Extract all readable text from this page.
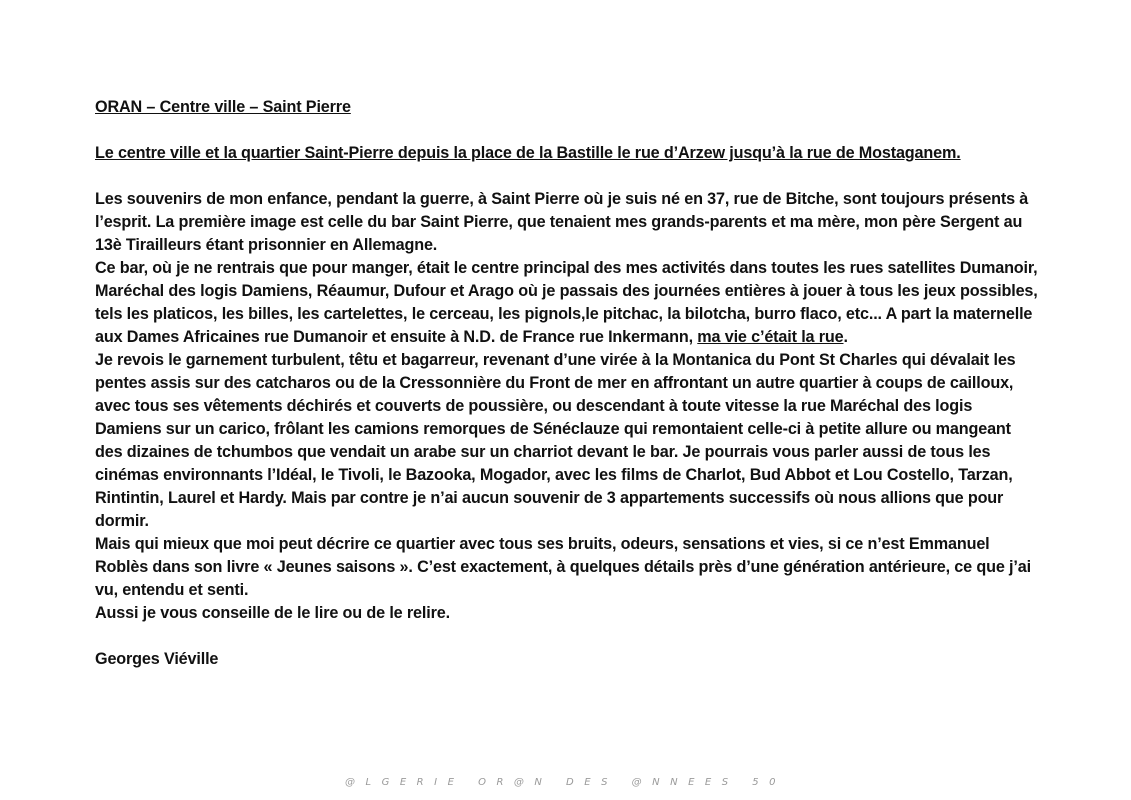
ORAN – Centre ville – Saint Pierre

Le centre ville et la quartier Saint-Pierre depuis la place de la Bastille le rue d’Arzew jusqu’à la rue de Mostaganem.

Les souvenirs de mon enfance, pendant la guerre, à Saint Pierre où je suis né en 37, rue de Bitche, sont toujours présents à l’esprit. La première image est celle du bar Saint Pierre, que tenaient mes grands-parents et ma mère, mon père Sergent au 13è Tirailleurs étant prisonnier en Allemagne.

Ce bar, où je ne rentrais que pour manger, était le centre principal des mes activités dans toutes les rues satellites Dumanoir, Maréchal des logis Damiens, Réaumur, Dufour et Arago où je passais des journées entières à jouer à tous les jeux possibles, tels les platicos, les billes, les cartelettes, le cerceau, les pignols,le pitchac, la bilotcha, burro flaco, etc... A part la maternelle aux Dames Africaines rue Dumanoir et ensuite à N.D. de France rue Inkermann, ma vie c’était la rue.

Je revois le garnement turbulent, têtu et bagarreur, revenant d’une virée à la Montanica du Pont St Charles qui dévalait les pentes assis sur des catcharos ou de la Cressonnière du Front de mer en affrontant un autre quartier à coups de cailloux, avec tous ses vêtements déchirés et couverts de poussière, ou descendant à toute vitesse la rue Maréchal des logis Damiens sur un carico, frôlant les camions remorques de Sénéclauze qui remontaient celle-ci à petite allure ou mangeant des dizaines de tchumbos que vendait un arabe sur un charriot devant le bar. Je pourrais vous parler aussi de tous les cinémas environnants l’Idéal, le Tivoli, le Bazooka, Mogador, avec les films de Charlot, Bud Abbot et Lou Costello, Tarzan, Rintintin, Laurel et Hardy. Mais par contre je n’ai aucun souvenir de 3 appartements successifs où nous allions que pour dormir.

Mais qui mieux que moi peut décrire ce quartier avec tous ses bruits, odeurs, sensations et vies, si ce n’est Emmanuel Roblès dans son livre « Jeunes saisons ». C’est exactement, à quelques détails près d’une génération antérieure, ce que j’ai vu, entendu et senti.

Aussi je vous conseille de le lire ou de le relire.

Georges Viéville

@LGERIE OR@N DES @NNEES 50
